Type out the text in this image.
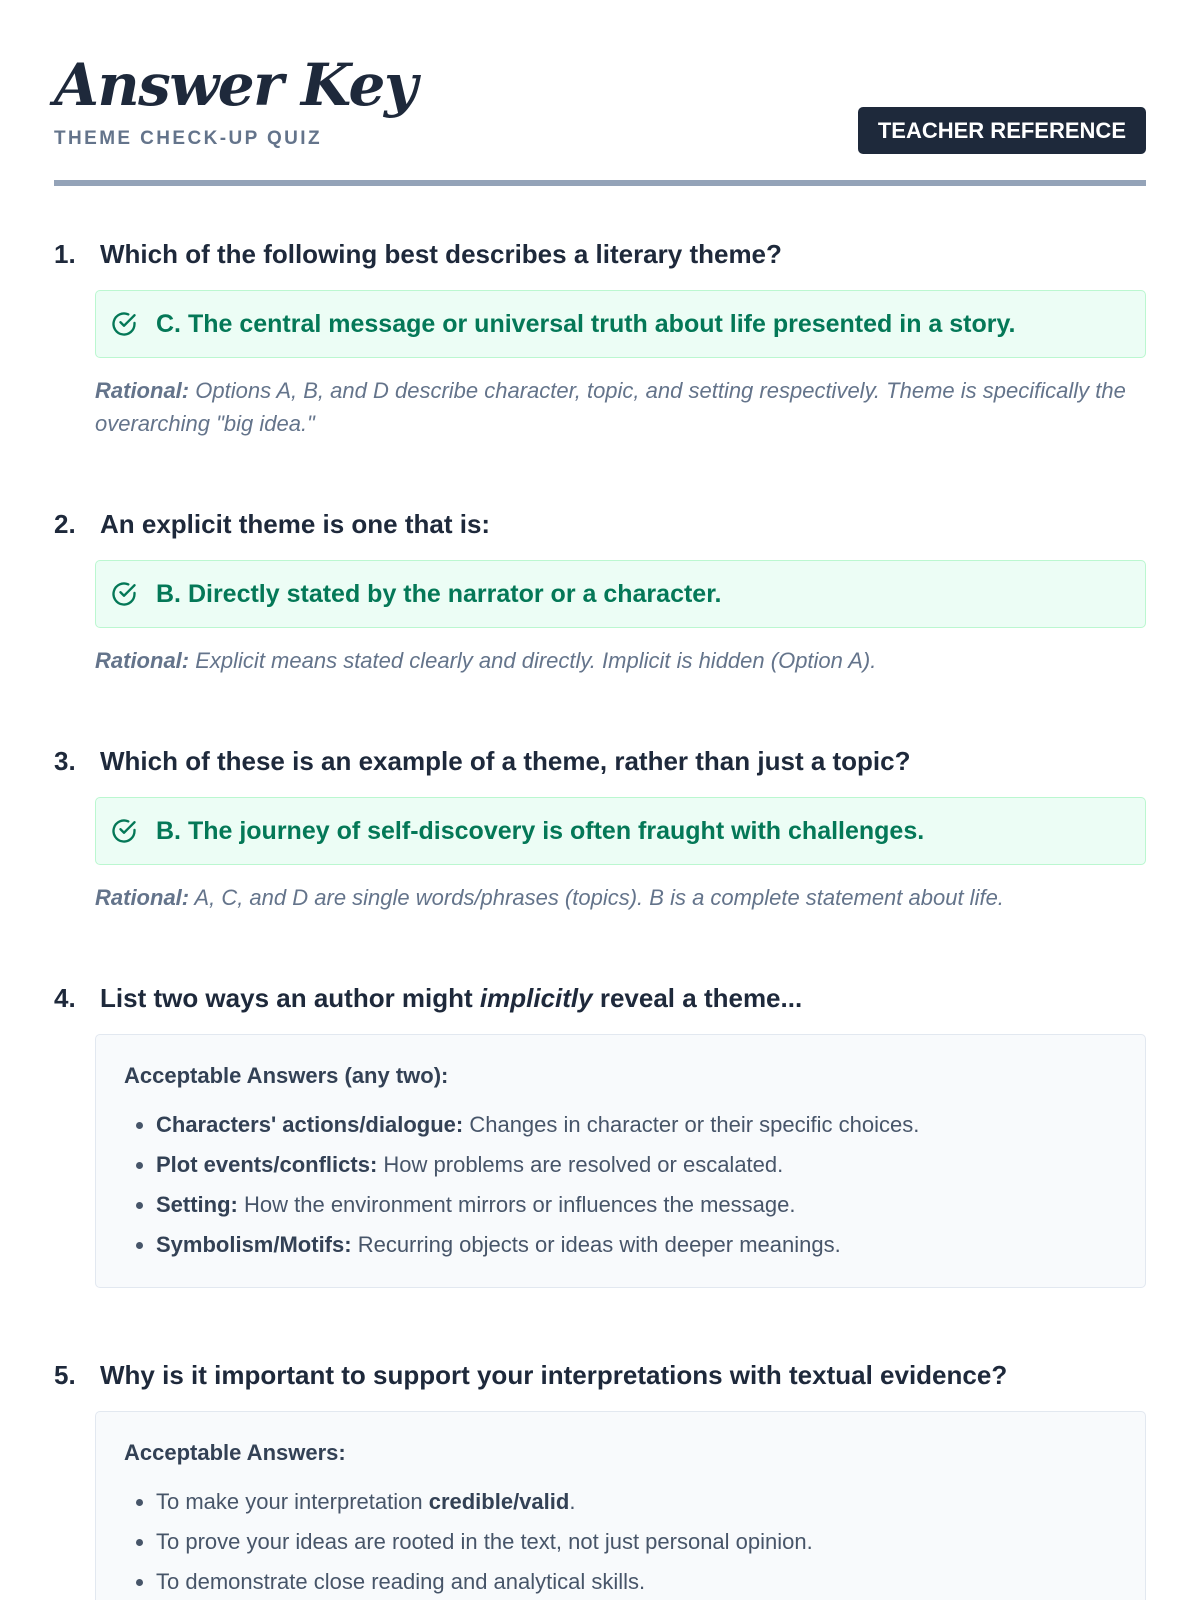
Answer Key
THEME CHECK-UP QUIZ	TEACHER REFERENCE
1. Which of the following best describes a literary theme?
C. The central message or universal truth about life presented in a story.
Rational: Options A, B, and D describe character, topic, and setting respectively. Theme is specifically the overarching "big idea."
2. An explicit theme is one that is:
B. Directly stated by the narrator or a character.
Rational: Explicit means stated clearly and directly. Implicit is hidden (Option A).
3. Which of these is an example of a theme, rather than just a topic?
B. The journey of self-discovery is often fraught with challenges.
Rational: A, C, and D are single words/phrases (topics). B is a complete statement about life.
4. List two ways an author might implicitly reveal a theme...
Acceptable Answers (any two):
• Characters' actions/dialogue: Changes in character or their specific choices.
• Plot events/conflicts: How problems are resolved or escalated.
• Setting: How the environment mirrors or influences the message.
• Symbolism/Motifs: Recurring objects or ideas with deeper meanings.
5. Why is it important to support your interpretations with textual evidence?
Acceptable Answers:
• To make your interpretation credible/valid.
• To prove your ideas are rooted in the text, not just personal opinion.
• To demonstrate close reading and analytical skills.
